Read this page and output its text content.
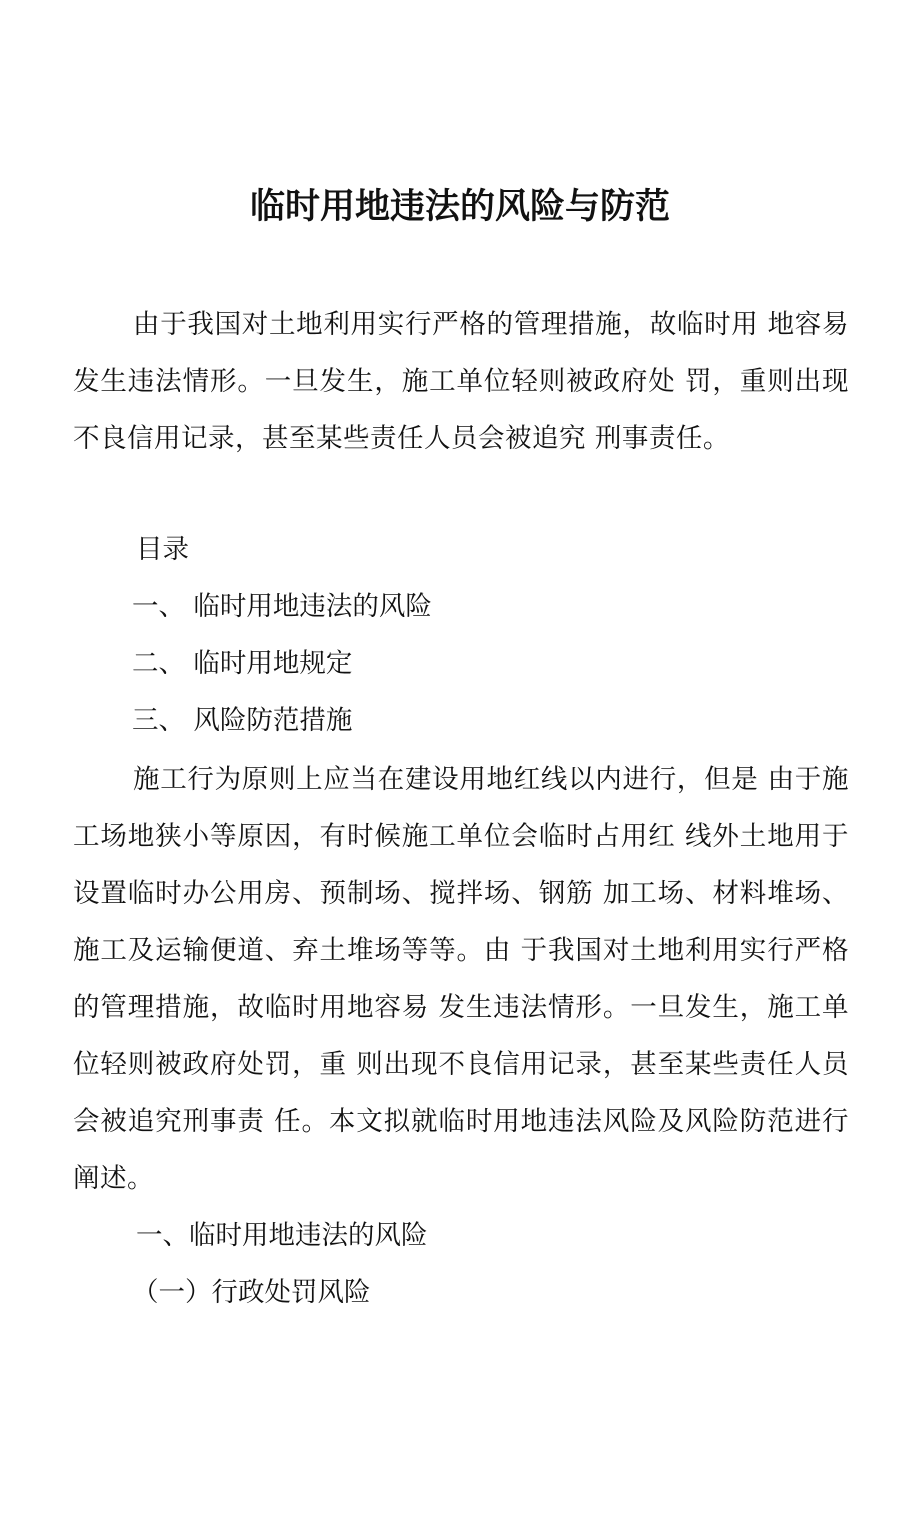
临时用地违法的风险与防范

由于我国对土地利用实行严格的管理措施，故临时用 地容易发生违法情形。一旦发生，施工单位轻则被政府处 罚，重则出现不良信用记录，甚至某些责任人员会被追究 刑事责任。

目录
一、 临时用地违法的风险
二、 临时用地规定
三、 风险防范措施

施工行为原则上应当在建设用地红线以内进行，但是 由于施工场地狭小等原因，有时候施工单位会临时占用红 线外土地用于设置临时办公用房、预制场、搅拌场、钢筋 加工场、材料堆场、施工及运输便道、弃土堆场等等。由 于我国对土地利用实行严格的管理措施，故临时用地容易 发生违法情形。一旦发生，施工单位轻则被政府处罚，重 则出现不良信用记录，甚至某些责任人员会被追究刑事责 任。本文拟就临时用地违法风险及风险防范进行阐述。

一、临时用地违法的风险
（一）行政处罚风险
